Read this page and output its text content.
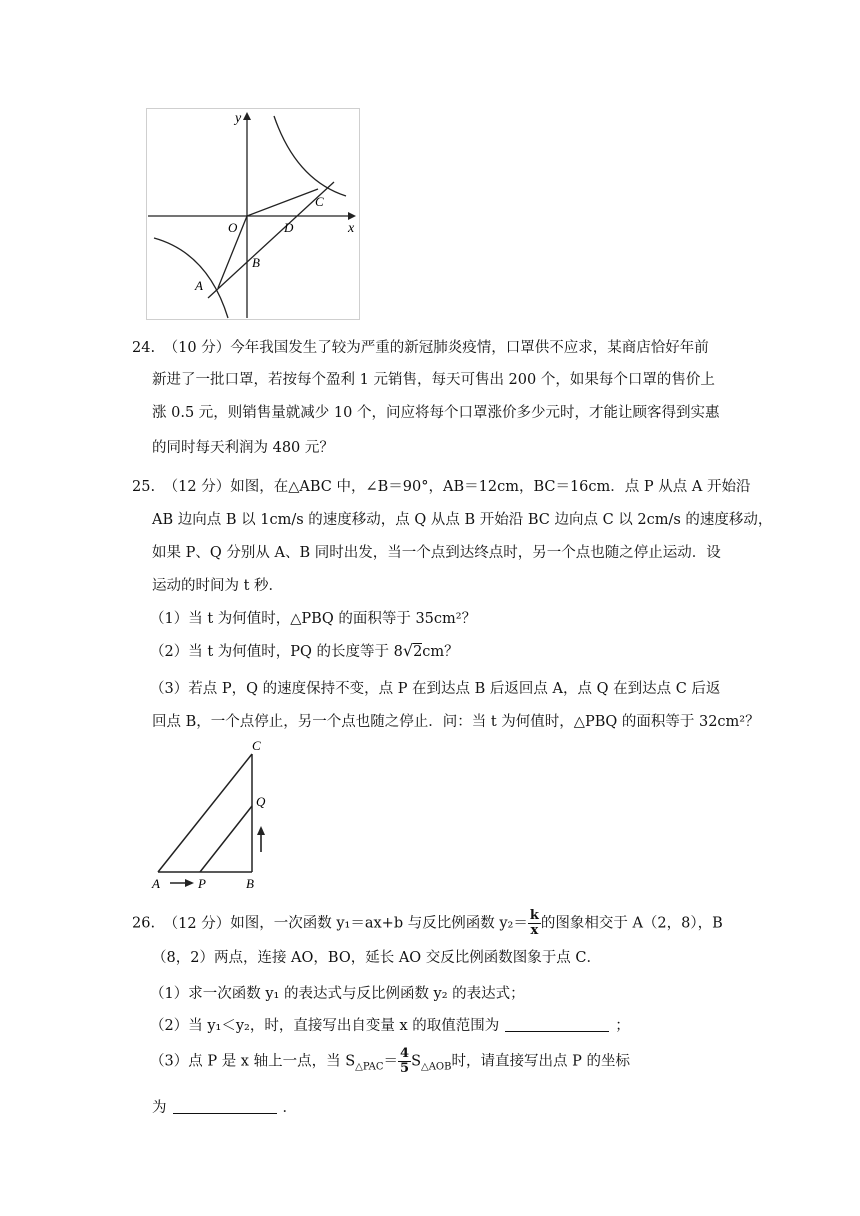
y
x
O	D
C
B
A
24. （10 分）今年我国发生了较为严重的新冠肺炎疫情，口罩供不应求，某商店恰好年前
新进了一批口罩，若按每个盈利 1 元销售，每天可售出 200 个，如果每个口罩的售价上
涨 0.5 元，则销售量就减少 10 个，问应将每个口罩涨价多少元时，才能让顾客得到实惠
的同时每天利润为 480 元？
25. （12 分）如图，在△ABC 中，∠B＝90°，AB＝12cm，BC＝16cm．点 P 从点 A 开始沿
AB 边向点 B 以 1cm/s 的速度移动，点 Q 从点 B 开始沿 BC 边向点 C 以 2cm/s 的速度移动，
如果 P、Q 分别从 A、B 同时出发，当一个点到达终点时，另一个点也随之停止运动．设
运动的时间为 t 秒．
（1）当 t 为何值时，△PBQ 的面积等于 35cm²？
（2）当 t 为何值时，PQ 的长度等于 8√2cm？
（3）若点 P，Q 的速度保持不变，点 P 在到达点 B 后返回点 A，点 Q 在到达点 C 后返
回点 B，一个点停止，另一个点也随之停止．问：当 t 为何值时，△PBQ 的面积等于 32cm²？
C
Q
A	P	B
26. （12 分）如图，一次函数 y₁＝ax+b 与反比例函数 $y_2= \frac{k}{x}$ 的图象相交于 A（2，8），B
（8，2）两点，连接 AO，BO，延长 AO 交反比例函数图象于点 C．
（1）求一次函数 y₁ 的表达式与反比例函数 y₂ 的表达式；
（2）当 y₁＜y₂，时，直接写出自变量 x 的取值范围为	；
（3）点 P 是 x 轴上一点，当 $S_{\triangle PAC}= \frac{4}{5} S_{\triangle AOB}$时，请直接写出点 P 的坐标
为	．
